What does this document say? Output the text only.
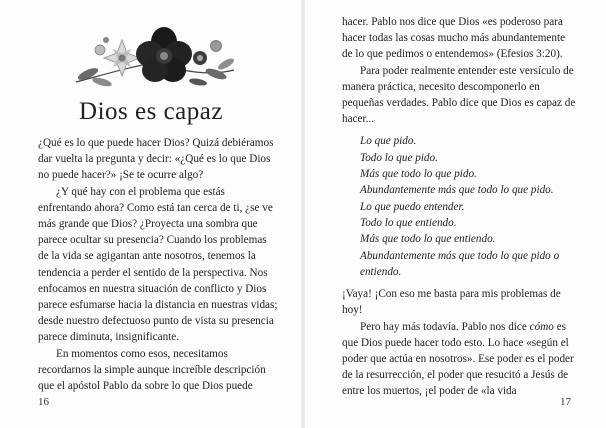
Dios es capaz

¿Qué es lo que puede hacer Dios? Quizá debiéramos dar vuelta la pregunta y decir: «¿Qué es lo que Dios no puede hacer?» ¡Se te ocurre algo?

¿Y qué hay con el problema que estás enfrentando ahora? Como está tan cerca de ti, ¿se ve más grande que Dios? ¿Proyecta una sombra que parece ocultar su presencia? Cuando los problemas de la vida se agigantan ante nosotros, tenemos la tendencia a perder el sentido de la perspectiva. Nos enfocamos en nuestra situación de conflicto y Dios parece esfumarse hacia la distancia en nuestras vidas; desde nuestro defectuoso punto de vista su presencia parece diminuta, insignificante.

En momentos como esos, necesitamos recordarnos la simple aunque increíble descripción que el apóstol Pablo da sobre lo que Dios puede

16

hacer. Pablo nos dice que Dios «es poderoso para hacer todas las cosas mucho más abundantemente de lo que pedimos o entendemos» (Efesios 3:20).

Para poder realmente entender este versículo de manera práctica, necesito descomponerlo en pequeñas verdades. Pablo dice que Dios es capaz de hacer...

Lo que pido.
Todo lo que pido.
Más que todo lo que pido.
Abundantemente más que todo lo que pido.
Lo que puedo entender.
Todo lo que entiendo.
Más que todo lo que entiendo.
Abundantemente más que todo lo que pido o entiendo.

¡Vaya! ¡Con eso me basta para mis problemas de hoy!

Pero hay más todavía. Pablo nos dice cómo es que Dios puede hacer todo esto. Lo hace «según el poder que actúa en nosotros». Ese poder es el poder de la resurrección, el poder que resucitó a Jesús de entre los muertos, ¡el poder de «la vida

17
